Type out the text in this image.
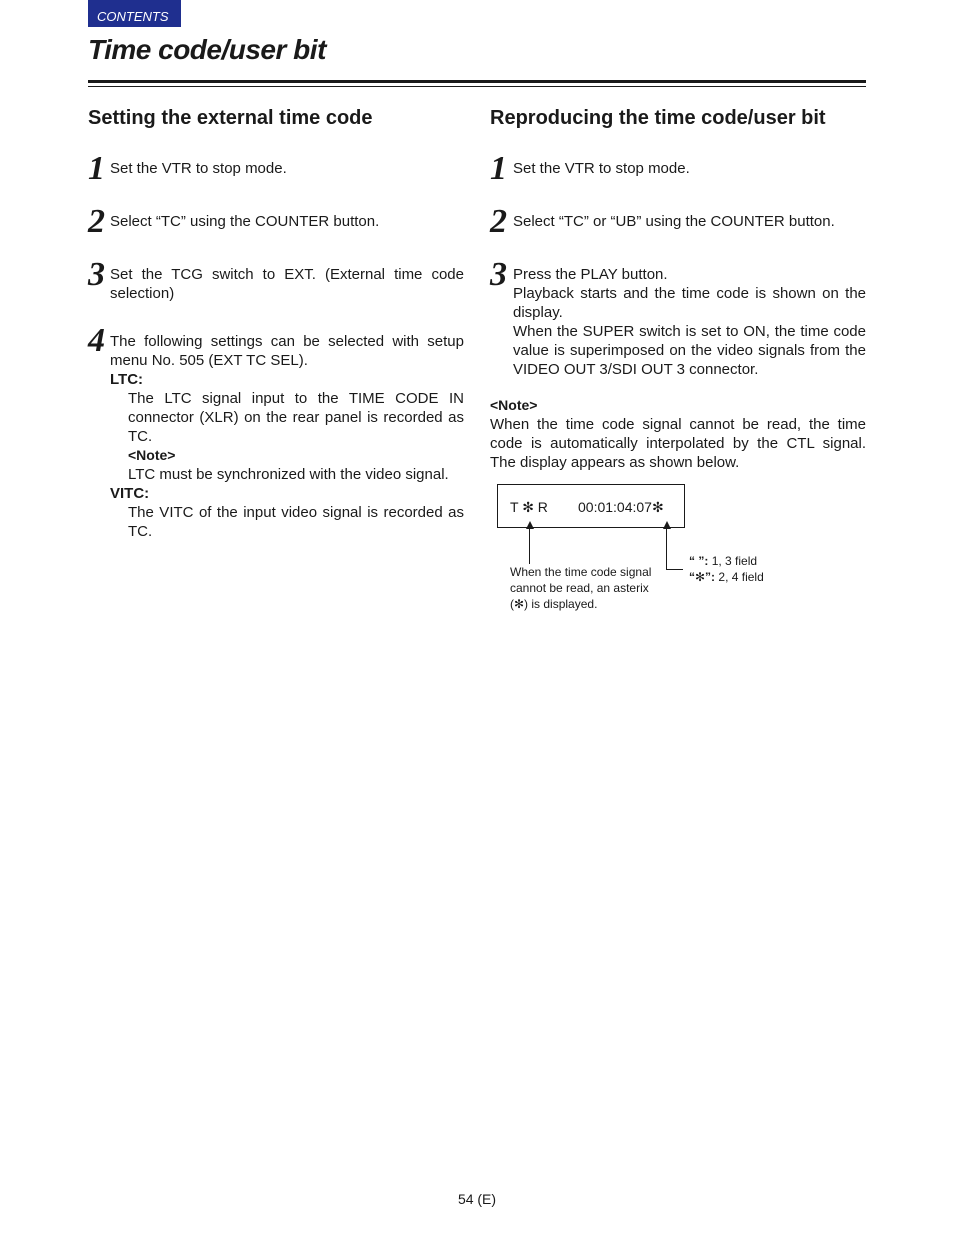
CONTENTS
Time code/user bit
Setting the external time code
1 Set the VTR to stop mode.
2 Select “TC” using the COUNTER button.
3 Set the TCG switch to EXT. (External time code selection)
4 The following settings can be selected with setup menu No. 505 (EXT TC SEL).

LTC:

The LTC signal input to the TIME CODE IN connector (XLR) on the rear panel is recorded as TC.

<Note>

LTC must be synchronized with the video signal.

VITC:

The VITC of the input video signal is recorded as TC.

Reproducing the time code/user bit
1 Set the VTR to stop mode.
2 Select “TC” or “UB” using the COUNTER button.
3 Press the PLAY button.

Playback starts and the time code is shown on the display.

When the SUPER switch is set to ON, the time code value is superimposed on the video signals from the VIDEO OUT 3/SDI OUT 3 connector.

<Note>

When the time code signal cannot be read, the time code is automatically interpolated by the CTL signal. The display appears as shown below.

T ✻ R 00:01:04:07✻
When the time code signal cannot be read, an asterix (✻) is displayed.
“ ”: 1, 3 field
“✻”: 2, 4 field
54 (E)
